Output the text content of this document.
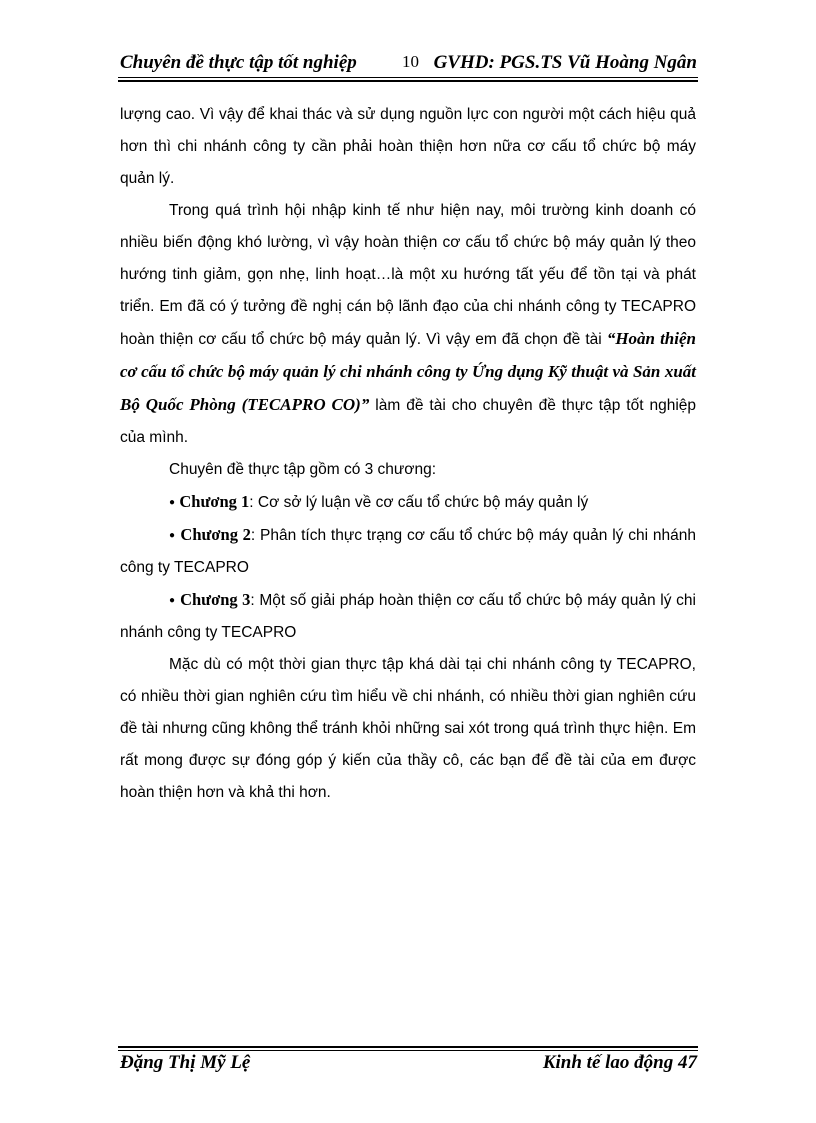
Chuyên đề thực tập tốt nghiệp	10 GVHD: PGS.TS Vũ Hoàng Ngân

lượng cao. Vì vậy để khai thác và sử dụng nguồn lực con người một cách hiệu quả hơn thì chi nhánh công ty cần phải hoàn thiện hơn nữa cơ cấu tổ chức bộ máy quản lý.

Trong quá trình hội nhập kinh tế như hiện nay, môi trường kinh doanh có nhiều biến động khó lường, vì vậy hoàn thiện cơ cấu tổ chức bộ máy quản lý theo hướng tinh giảm, gọn nhẹ, linh hoạt…là một xu hướng tất yếu để tồn tại và phát triển. Em đã có ý tưởng đề nghị cán bộ lãnh đạo của chi nhánh công ty TECAPRO hoàn thiện cơ cấu tổ chức bộ máy quản lý. Vì vậy em đã chọn đề tài “Hoàn thiện cơ cấu tổ chức bộ máy quản lý chi nhánh công ty Ứng dụng Kỹ thuật và Sản xuất Bộ Quốc Phòng (TECAPRO CO)” làm đề tài cho chuyên đề thực tập tốt nghiệp của mình.

Chuyên đề thực tập gồm có 3 chương:

● Chương 1: Cơ sở lý luận về cơ cấu tổ chức bộ máy quản lý

● Chương 2: Phân tích thực trạng cơ cấu tổ chức bộ máy quản lý chi nhánh công ty TECAPRO

● Chương 3: Một số giải pháp hoàn thiện cơ cấu tổ chức bộ máy quản lý chi nhánh công ty TECAPRO

Mặc dù có một thời gian thực tập khá dài tại chi nhánh công ty TECAPRO, có nhiều thời gian nghiên cứu tìm hiểu về chi nhánh, có nhiều thời gian nghiên cứu đề tài nhưng cũng không thể tránh khỏi những sai xót trong quá trình thực hiện. Em rất mong được sự đóng góp ý kiến của thầy cô, các bạn để đề tài của em được hoàn thiện hơn và khả thi hơn.

Đặng Thị Mỹ Lệ	Kinh tế lao động 47
